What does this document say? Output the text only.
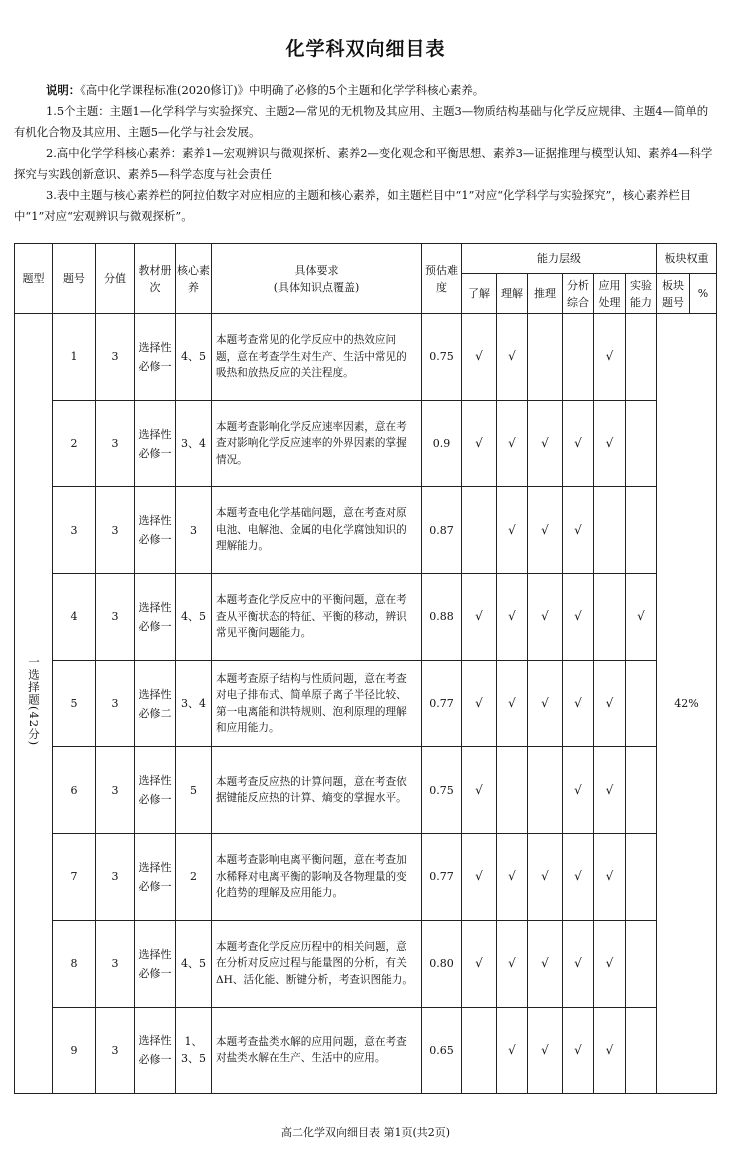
化学科双向细目表

说明：《高中化学课程标准(2020修订)》中明确了必修的5个主题和化学学科核心素养。

1.5个主题：主题1—化学科学与实验探究、主题2—常见的无机物及其应用、主题3—物质结构基础与化学反应规律、主题4—简单的有机化合物及其应用、主题5—化学与社会发展。

2.高中化学学科核心素养：素养1—宏观辨识与微观探析、素养2—变化观念和平衡思想、素养3—证据推理与模型认知、素养4—科学探究与实践创新意识、素养5—科学态度与社会责任

3.表中主题与核心素养栏的阿拉伯数字对应相应的主题和核心素养，如主题栏目中“1”对应“化学科学与实验探究”，核心素养栏目中“1”对应“宏观辨识与微观探析”。

题型	题号	分值	教材册次	核心素养	具体要求
(具体知识点覆盖)	预估难度	能力层级						板块权重	
							了解	理解	推理	分析综合	应用处理	实验能力	板块题号	%
一选择题(42分)	1	3	选择性必修一	4、5	本题考查常见的化学反应中的热效应问题，意在考查学生对生产、生活中常见的吸热和放热反应的关注程度。	0.75	√	√			√		42%	
	2	3	选择性必修一	3、4	本题考查影响化学反应速率因素，意在考查对影响化学反应速率的外界因素的掌握情况。	0.9	√	√	√	√	√			
	3	3	选择性必修一	3	本题考查电化学基础问题，意在考查对原电池、电解池、金属的电化学腐蚀知识的理解能力。	0.87		√	√	√				
	4	3	选择性必修一	4、5	本题考查化学反应中的平衡问题，意在考查从平衡状态的特征、平衡的移动，辨识常见平衡问题能力。	0.88	√	√	√	√		√		
	5	3	选择性必修二	3、4	本题考查原子结构与性质问题，意在考查对电子排布式、简单原子离子半径比较、第一电离能和洪特规则、泡利原理的理解和应用能力。	0.77	√	√	√	√	√			
	6	3	选择性必修一	5	本题考查反应热的计算问题，意在考查依据键能反应热的计算、熵变的掌握水平。	0.75	√			√	√			
	7	3	选择性必修一	2	本题考查影响电离平衡问题，意在考查加水稀释对电离平衡的影响及各物理量的变化趋势的理解及应用能力。	0.77	√	√	√	√	√			
	8	3	选择性必修一	4、5	本题考查化学反应历程中的相关问题，意在分析对反应过程与能量图的分析，有关ΔH、活化能、断键分析，考查识图能力。	0.80	√	√	√	√	√			
	9	3	选择性必修一	1、3、5	本题考查盐类水解的应用问题，意在考查对盐类水解在生产、生活中的应用。	0.65		√	√	√	√			
高二化学双向细目表 第1页(共2页)
